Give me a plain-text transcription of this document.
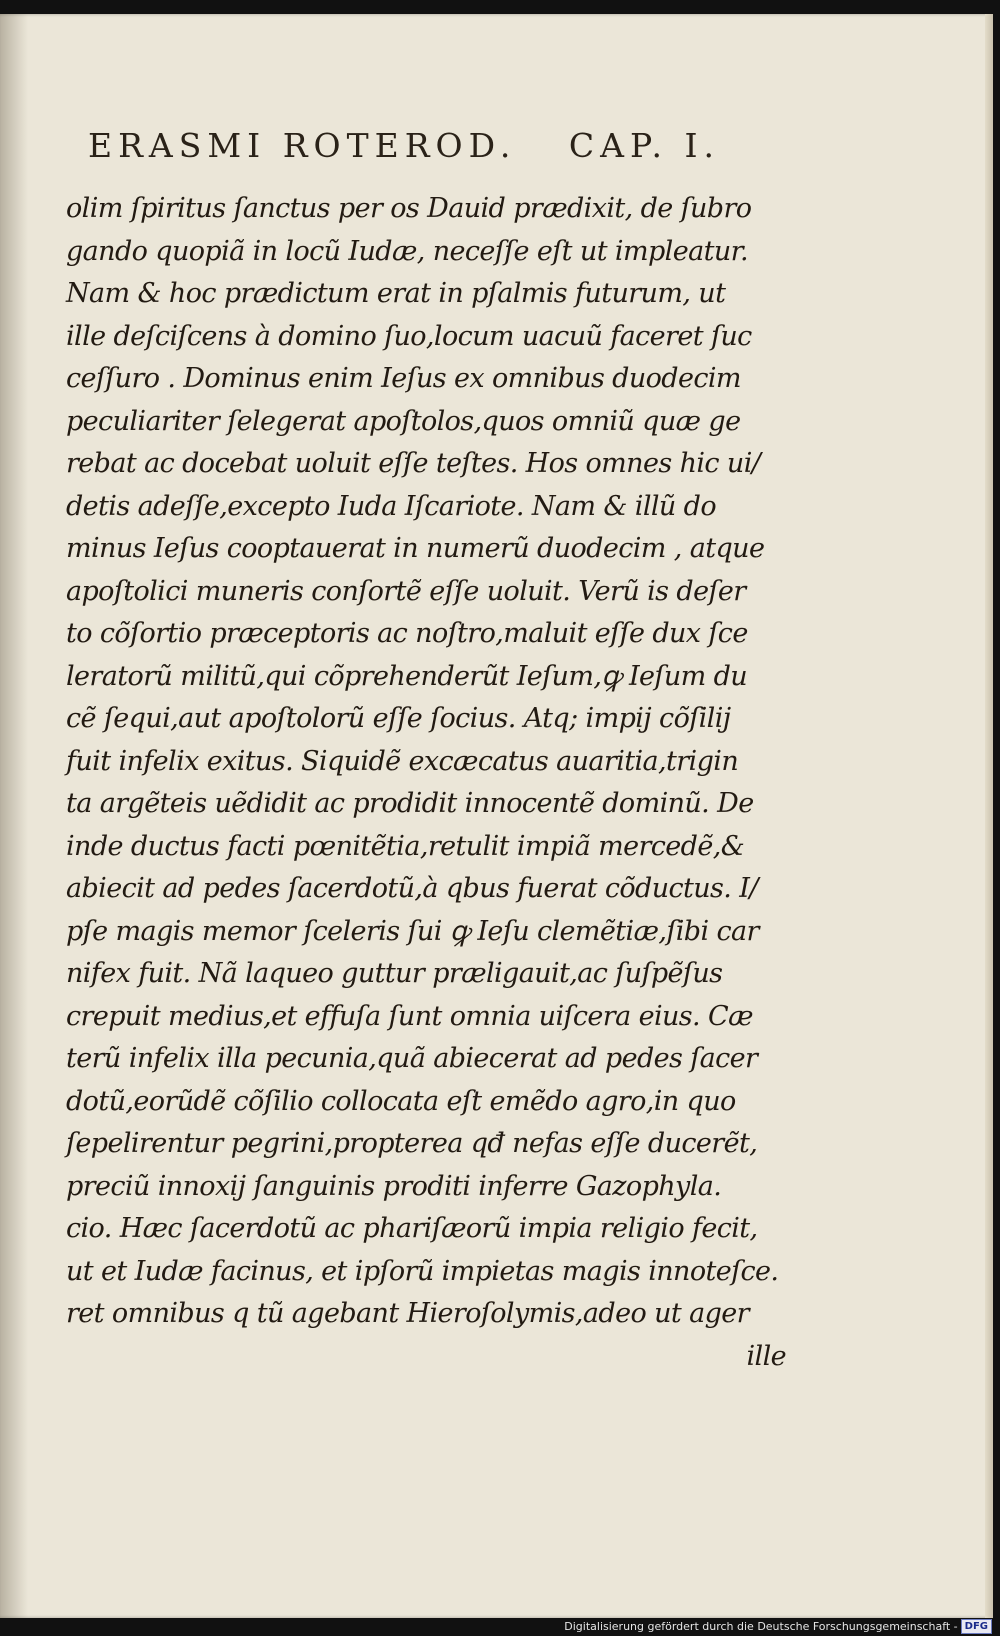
ERASMI ROTEROD. CAP. I.
olim ſpiritus ſanctus per os Dauid prædixit, de ſubro
gando quopiã in locũ Iudæ, neceſſe eſt ut impleatur.
Nam & hoc prædictum erat in pſalmis futurum, ut
ille deſciſcens à domino ſuo,locum uacuũ faceret ſuc
ceſſuro . Dominus enim Ieſus ex omnibus duodecim
peculiariter ſelegerat apoſtolos,quos omniũ quæ ge
rebat ac docebat uoluit eſſe teſtes. Hos omnes hic ui/
detis adeſſe,excepto Iuda Iſcariote. Nam & illũ do
minus Ieſus cooptauerat in numerũ duodecim , atque
apoſtolici muneris conſortẽ eſſe uoluit. Verũ is deſer
to cõſortio præceptoris ac noſtro,maluit eſſe dux ſce
leratorũ militũ,qui cõprehenderũt Ieſum,ꝙ Ieſum du
cẽ ſequi,aut apoſtolorũ eſſe ſocius. Atq; impij cõſilij
fuit infelix exitus. Siquidẽ excæcatus auaritia,trigin
ta argẽteis uẽdidit ac prodidit innocentẽ dominũ. De
inde ductus facti pœnitẽtia,retulit impiã mercedẽ,&
abiecit ad pedes ſacerdotũ,à qbus fuerat cõductus. I/
pſe magis memor ſceleris ſui ꝙ Ieſu clemẽtiæ,ſibi car
nifex fuit. Nã laqueo guttur præligauit,ac ſuſpẽſus
crepuit medius,et effuſa ſunt omnia uiſcera eius. Cæ
terũ infelix illa pecunia,quã abiecerat ad pedes ſacer
dotũ,eorũdẽ cõſilio collocata eſt emẽdo agro,in quo
ſepelirentur pegrini,propterea qđ nefas eſſe ducerẽt,
preciũ innoxij ſanguinis proditi inferre Gazophyla.
cio. Hæc ſacerdotũ ac phariſæorũ impia religio fecit,
ut et Iudæ facinus, et ipſorũ impietas magis innoteſce.
ret omnibus q tũ agebant Hieroſolymis,adeo ut ager
ille
Digitalisierung gefördert durch die Deutsche Forschungsgemeinschaft - DFG
